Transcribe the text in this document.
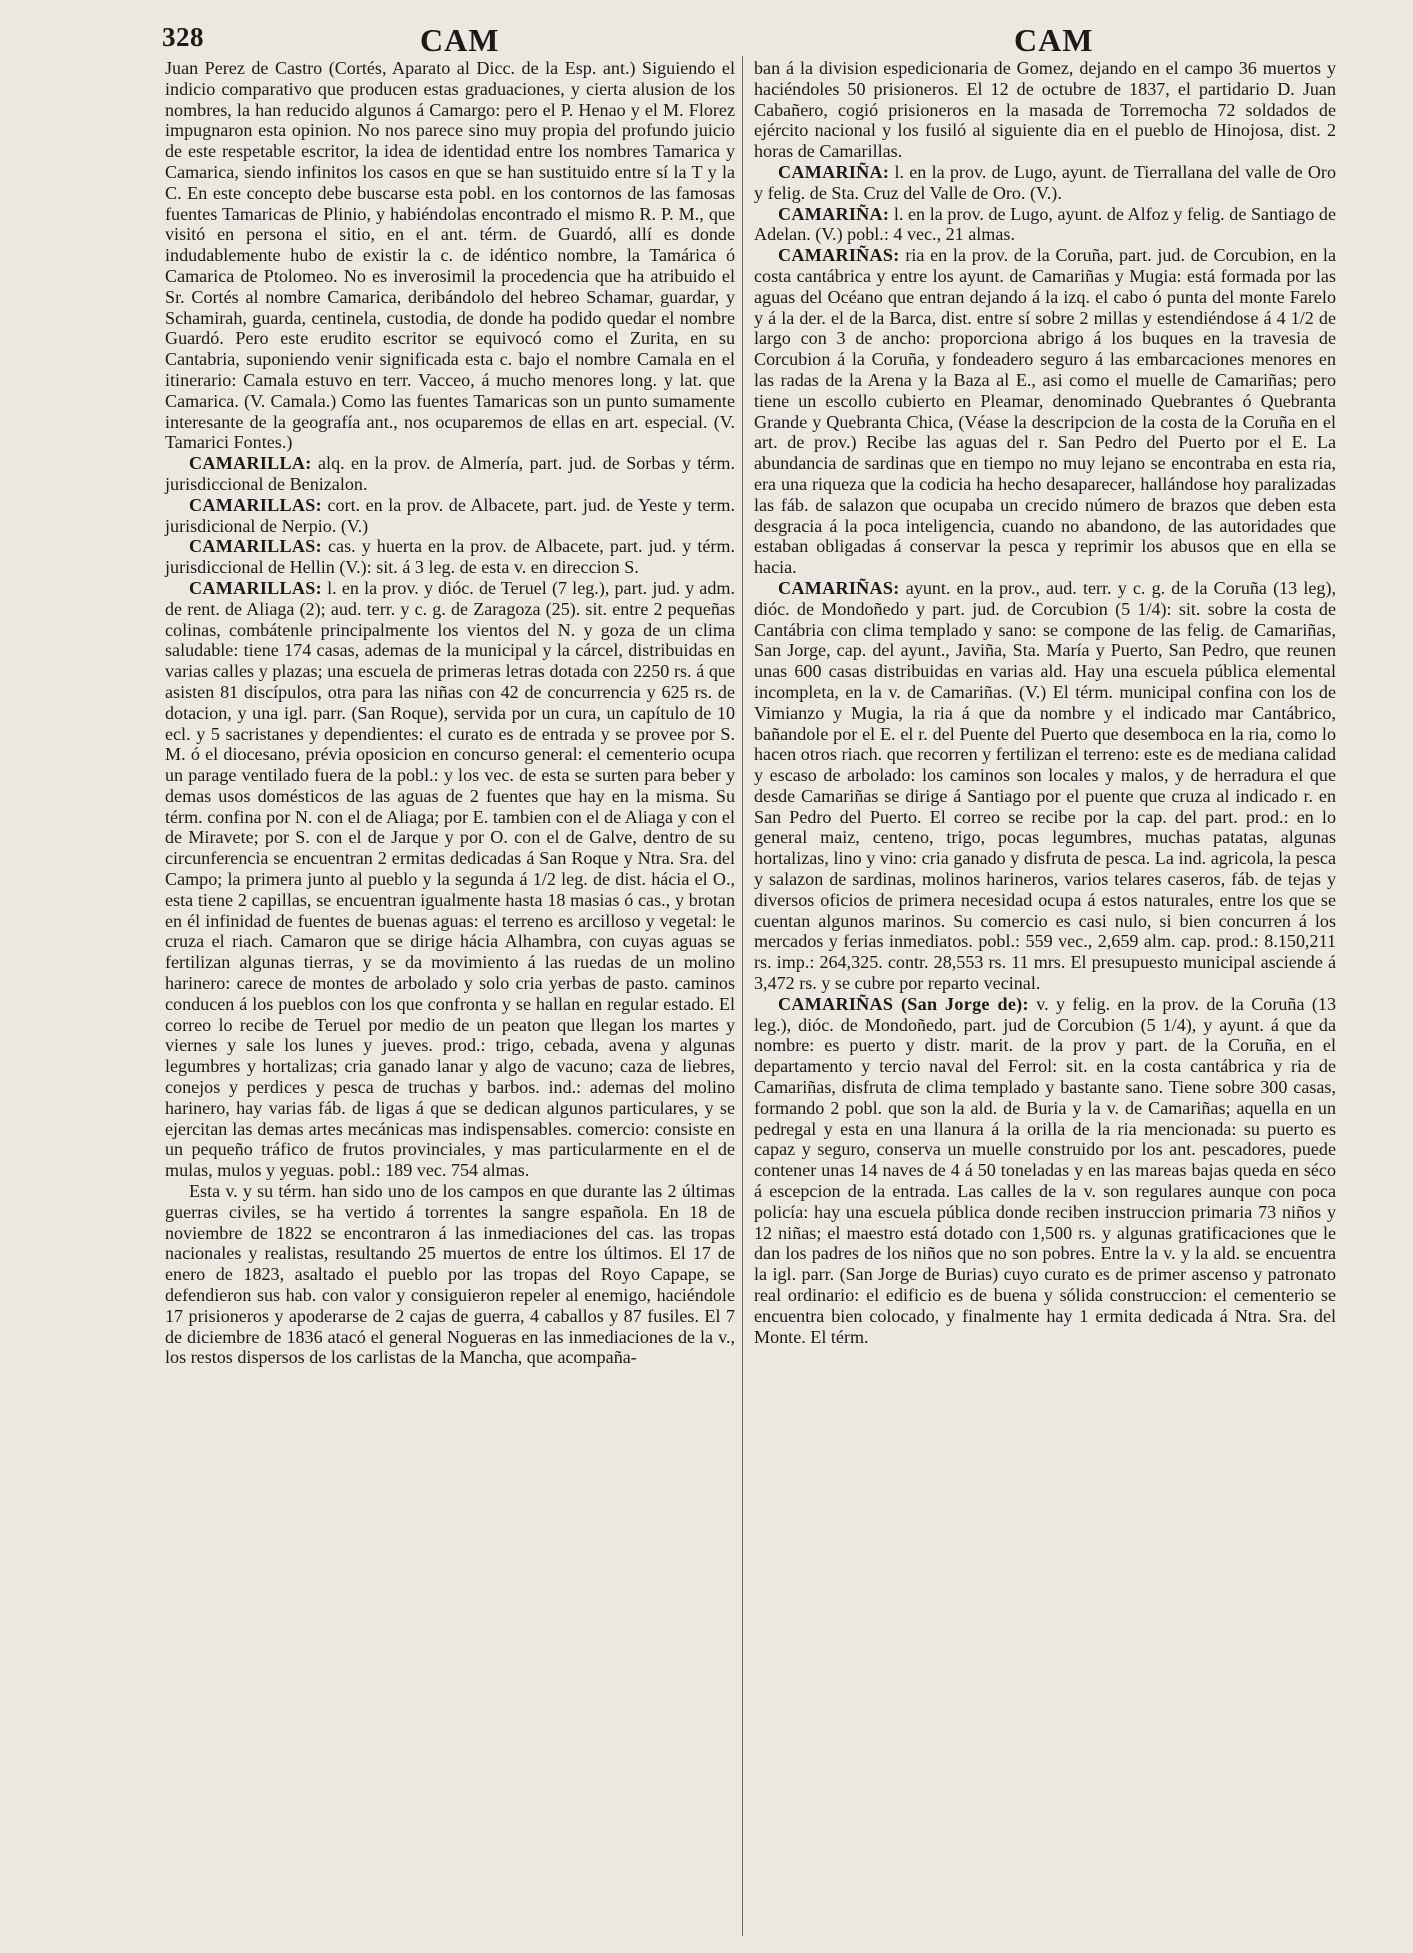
328	CAM	CAM

Juan Perez de Castro (Cortés, Aparato al Dicc. de la Esp. ant.) Siguiendo el indicio comparativo que producen estas graduaciones, y cierta alusion de los nombres, la han reducido algunos á Camargo: pero el P. Henao y el M. Florez impugnaron esta opinion. No nos parece sino muy propia del profundo juicio de este respetable escritor, la idea de identidad entre los nombres Tamarica y Camarica, siendo infinitos los casos en que se han sustituido entre sí la T y la C. En este concepto debe buscarse esta pobl. en los contornos de las famosas fuentes Tamaricas de Plinio, y habiéndolas encontrado el mismo R. P. M., que visitó en persona el sitio, en el ant. térm. de Guardó, allí es donde indudablemente hubo de existir la c. de idéntico nombre, la Tamárica ó Camarica de Ptolomeo. No es inverosimil la procedencia que ha atribuido el Sr. Cortés al nombre Camarica, deribándolo del hebreo Schamar, guardar, y Schamirah, guarda, centinela, custodia, de donde ha podido quedar el nombre Guardó. Pero este erudito escritor se equivocó como el Zurita, en su Cantabria, suponiendo venir significada esta c. bajo el nombre Camala en el itinerario: Camala estuvo en terr. Vacceo, á mucho menores long. y lat. que Camarica. (V. Camala.) Como las fuentes Tamaricas son un punto sumamente interesante de la geografía ant., nos ocuparemos de ellas en art. especial. (V. Tamarici Fontes.)

CAMARILLA: alq. en la prov. de Almería, part. jud. de Sorbas y térm. jurisdiccional de Benizalon.

CAMARILLAS: cort. en la prov. de Albacete, part. jud. de Yeste y term. jurisdicional de Nerpio. (V.)

CAMARILLAS: cas. y huerta en la prov. de Albacete, part. jud. y térm. jurisdiccional de Hellin (V.): sit. á 3 leg. de esta v. en direccion S.

CAMARILLAS: l. en la prov. y dióc. de Teruel (7 leg.), part. jud. y adm. de rent. de Aliaga (2); aud. terr. y c. g. de Zaragoza (25). sit. entre 2 pequeñas colinas, combátenle principalmente los vientos del N. y goza de un clima saludable: tiene 174 casas, ademas de la municipal y la cárcel, distribuidas en varias calles y plazas; una escuela de primeras letras dotada con 2250 rs. á que asisten 81 discípulos, otra para las niñas con 42 de concurrencia y 625 rs. de dotacion, y una igl. parr. (San Roque), servida por un cura, un capítulo de 10 ecl. y 5 sacristanes y dependientes: el curato es de entrada y se provee por S. M. ó el diocesano, prévia oposicion en concurso general: el cementerio ocupa un parage ventilado fuera de la pobl.: y los vec. de esta se surten para beber y demas usos domésticos de las aguas de 2 fuentes que hay en la misma. Su térm. confina por N. con el de Aliaga; por E. tambien con el de Aliaga y con el de Miravete; por S. con el de Jarque y por O. con el de Galve, dentro de su circunferencia se encuentran 2 ermitas dedicadas á San Roque y Ntra. Sra. del Campo; la primera junto al pueblo y la segunda á 1/2 leg. de dist. hácia el O., esta tiene 2 capillas, se encuentran igualmente hasta 18 masias ó cas., y brotan en él infinidad de fuentes de buenas aguas: el terreno es arcilloso y vegetal: le cruza el riach. Camaron que se dirige hácia Alhambra, con cuyas aguas se fertilizan algunas tierras, y se da movimiento á las ruedas de un molino harinero: carece de montes de arbolado y solo cria yerbas de pasto. caminos conducen á los pueblos con los que confronta y se hallan en regular estado. El correo lo recibe de Teruel por medio de un peaton que llegan los martes y viernes y sale los lunes y jueves. prod.: trigo, cebada, avena y algunas legumbres y hortalizas; cria ganado lanar y algo de vacuno; caza de liebres, conejos y perdices y pesca de truchas y barbos. ind.: ademas del molino harinero, hay varias fáb. de ligas á que se dedican algunos particulares, y se ejercitan las demas artes mecánicas mas indispensables. comercio: consiste en un pequeño tráfico de frutos provinciales, y mas particularmente en el de mulas, mulos y yeguas. pobl.: 189 vec. 754 almas.

Esta v. y su térm. han sido uno de los campos en que durante las 2 últimas guerras civiles, se ha vertido á torrentes la sangre española. En 18 de noviembre de 1822 se encontraron á las inmediaciones del cas. las tropas nacionales y realistas, resultando 25 muertos de entre los últimos. El 17 de enero de 1823, asaltado el pueblo por las tropas del Royo Capape, se defendieron sus hab. con valor y consiguieron repeler al enemigo, haciéndole 17 prisioneros y apoderarse de 2 cajas de guerra, 4 caballos y 87 fusiles. El 7 de diciembre de 1836 atacó el general Nogueras en las inmediaciones de la v., los restos dispersos de los carlistas de la Mancha, que acompaña-

ban á la division espedicionaria de Gomez, dejando en el campo 36 muertos y haciéndoles 50 prisioneros. El 12 de octubre de 1837, el partidario D. Juan Cabañero, cogió prisioneros en la masada de Torremocha 72 soldados de ejército nacional y los fusiló al siguiente dia en el pueblo de Hinojosa, dist. 2 horas de Camarillas.

CAMARIÑA: l. en la prov. de Lugo, ayunt. de Tierrallana del valle de Oro y felig. de Sta. Cruz del Valle de Oro. (V.).

CAMARIÑA: l. en la prov. de Lugo, ayunt. de Alfoz y felig. de Santiago de Adelan. (V.) pobl.: 4 vec., 21 almas.

CAMARIÑAS: ria en la prov. de la Coruña, part. jud. de Corcubion, en la costa cantábrica y entre los ayunt. de Camariñas y Mugia: está formada por las aguas del Océano que entran dejando á la izq. el cabo ó punta del monte Farelo y á la der. el de la Barca, dist. entre sí sobre 2 millas y estendiéndose á 4 1/2 de largo con 3 de ancho: proporciona abrigo á los buques en la travesia de Corcubion á la Coruña, y fondeadero seguro á las embarcaciones menores en las radas de la Arena y la Baza al E., asi como el muelle de Camariñas; pero tiene un escollo cubierto en Pleamar, denominado Quebrantes ó Quebranta Grande y Quebranta Chica, (Véase la descripcion de la costa de la Coruña en el art. de prov.) Recibe las aguas del r. San Pedro del Puerto por el E. La abundancia de sardinas que en tiempo no muy lejano se encontraba en esta ria, era una riqueza que la codicia ha hecho desaparecer, hallándose hoy paralizadas las fáb. de salazon que ocupaba un crecido número de brazos que deben esta desgracia á la poca inteligencia, cuando no abandono, de las autoridades que estaban obligadas á conservar la pesca y reprimir los abusos que en ella se hacia.

CAMARIÑAS: ayunt. en la prov., aud. terr. y c. g. de la Coruña (13 leg), dióc. de Mondoñedo y part. jud. de Corcubion (5 1/4): sit. sobre la costa de Cantábria con clima templado y sano: se compone de las felig. de Camariñas, San Jorge, cap. del ayunt., Javiña, Sta. María y Puerto, San Pedro, que reunen unas 600 casas distribuidas en varias ald. Hay una escuela pública elemental incompleta, en la v. de Camariñas. (V.) El térm. municipal confina con los de Vimianzo y Mugia, la ria á que da nombre y el indicado mar Cantábrico, bañandole por el E. el r. del Puente del Puerto que desemboca en la ria, como lo hacen otros riach. que recorren y fertilizan el terreno: este es de mediana calidad y escaso de arbolado: los caminos son locales y malos, y de herradura el que desde Camariñas se dirige á Santiago por el puente que cruza al indicado r. en San Pedro del Puerto. El correo se recibe por la cap. del part. prod.: en lo general maiz, centeno, trigo, pocas legumbres, muchas patatas, algunas hortalizas, lino y vino: cria ganado y disfruta de pesca. La ind. agricola, la pesca y salazon de sardinas, molinos harineros, varios telares caseros, fáb. de tejas y diversos oficios de primera necesidad ocupa á estos naturales, entre los que se cuentan algunos marinos. Su comercio es casi nulo, si bien concurren á los mercados y ferias inmediatos. pobl.: 559 vec., 2,659 alm. cap. prod.: 8.150,211 rs. imp.: 264,325. contr. 28,553 rs. 11 mrs. El presupuesto municipal asciende á 3,472 rs. y se cubre por reparto vecinal.

CAMARIÑAS (San Jorge de): v. y felig. en la prov. de la Coruña (13 leg.), dióc. de Mondoñedo, part. jud de Corcubion (5 1/4), y ayunt. á que da nombre: es puerto y distr. marit. de la prov y part. de la Coruña, en el departamento y tercio naval del Ferrol: sit. en la costa cantábrica y ria de Camariñas, disfruta de clima templado y bastante sano. Tiene sobre 300 casas, formando 2 pobl. que son la ald. de Buria y la v. de Camariñas; aquella en un pedregal y esta en una llanura á la orilla de la ria mencionada: su puerto es capaz y seguro, conserva un muelle construido por los ant. pescadores, puede contener unas 14 naves de 4 á 50 toneladas y en las mareas bajas queda en séco á escepcion de la entrada. Las calles de la v. son regulares aunque con poca policía: hay una escuela pública donde reciben instruccion primaria 73 niños y 12 niñas; el maestro está dotado con 1,500 rs. y algunas gratificaciones que le dan los padres de los niños que no son pobres. Entre la v. y la ald. se encuentra la igl. parr. (San Jorge de Burias) cuyo curato es de primer ascenso y patronato real ordinario: el edificio es de buena y sólida construccion: el cementerio se encuentra bien colocado, y finalmente hay 1 ermita dedicada á Ntra. Sra. del Monte. El térm.
